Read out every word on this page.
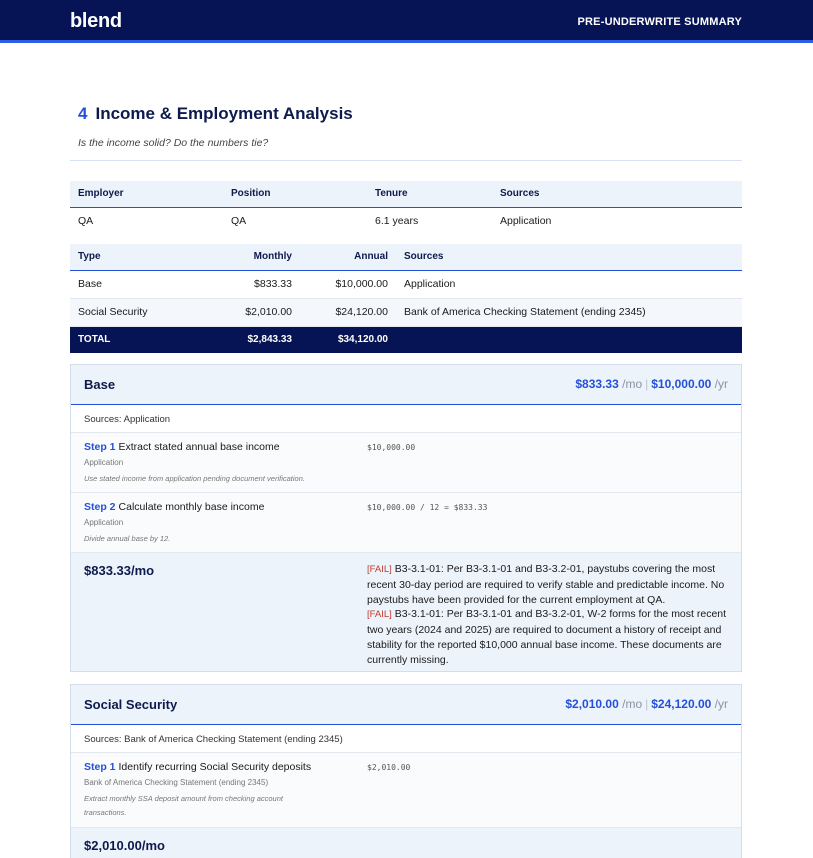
blend	PRE-UNDERWRITE SUMMARY
4 Income & Employment Analysis
Is the income solid? Do the numbers tie?
Employer	Position	Tenure	Sources
QA	QA	6.1 years	Application
Type	Monthly	Annual	Sources
Base	$833.33	$10,000.00	Application
Social Security	$2,010.00	$24,120.00	Bank of America Checking Statement (ending 2345)
TOTAL	$2,843.33	$34,120.00	
Base	$833.33 /mo | $10,000.00 /yr
Sources: Application
Step 1 Extract stated annual base income
Application
Use stated income from application pending document verification.
$10,000.00
Step 2 Calculate monthly base income
Application
Divide annual base by 12.
$10,000.00 / 12 = $833.33
$833.33/mo	[FAIL] B3-3.1-01: Per B3-3.1-01 and B3-3.2-01, paystubs covering the most recent 30-day period are required to verify stable and predictable income. No paystubs have been provided for the current employment at QA.
[FAIL] B3-3.1-01: Per B3-3.1-01 and B3-3.2-01, W-2 forms for the most recent two years (2024 and 2025) are required to document a history of receipt and stability for the reported $10,000 annual base income. These documents are currently missing.
Social Security	$2,010.00 /mo | $24,120.00 /yr
Sources: Bank of America Checking Statement (ending 2345)
Step 1 Identify recurring Social Security deposits
Bank of America Checking Statement (ending 2345)
Extract monthly SSA deposit amount from checking account transactions.
$2,010.00
$2,010.00/mo
